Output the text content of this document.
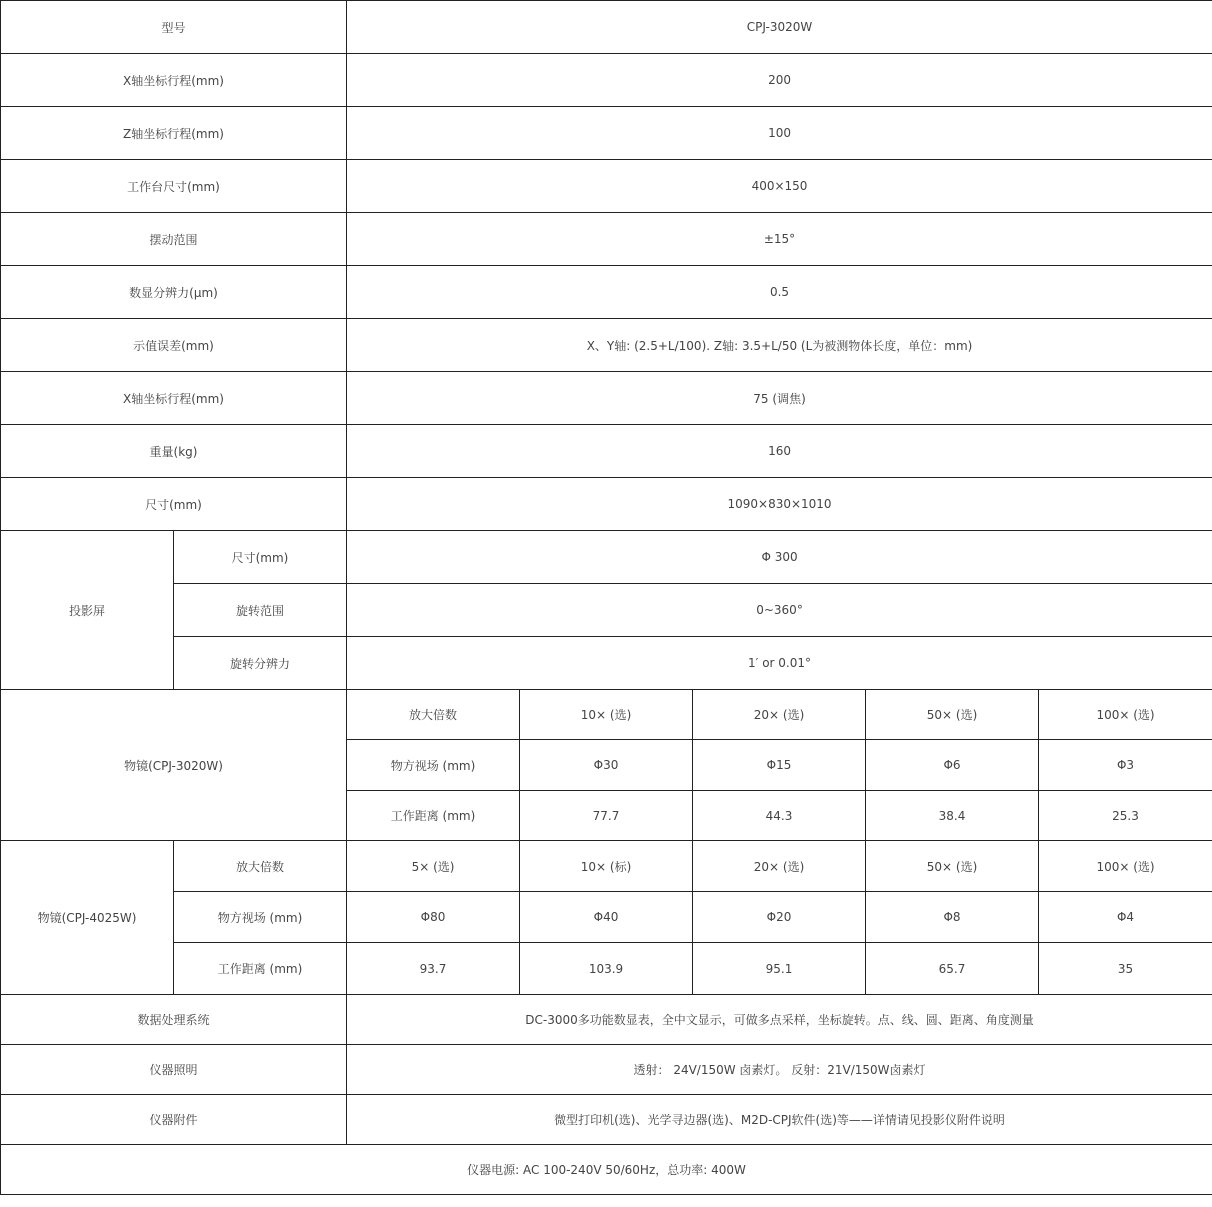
型号		CPJ-3020W				
X轴坐标行程(mm)		200				
Z轴坐标行程(mm)		100				
工作台尺寸(mm)		400×150				
摆动范围		±15°				
数显分辨力(μm)		0.5				
示值误差(mm)		X、Y轴: (2.5+L/100). Z轴: 3.5+L/50 (L为被测物体长度，单位：mm)				
X轴坐标行程(mm)		75 (调焦)				
重量(kg)		160				
尺寸(mm)		1090×830×1010				
投影屏	尺寸(mm)	Φ 300				
	旋转范围	0~360°				
	旋转分辨力	1′ or 0.01°				
物镜(CPJ-3020W)		放大倍数	10× (选)	20× (选)	50× (选)	100× (选)
		物方视场 (mm)	Φ30	Φ15	Φ6	Φ3
		工作距离 (mm)	77.7	44.3	38.4	25.3
物镜(CPJ-4025W)	放大倍数	5× (选)	10× (标)	20× (选)	50× (选)	100× (选)
	物方视场 (mm)	Φ80	Φ40	Φ20	Φ8	Φ4
	工作距离 (mm)	93.7	103.9	95.1	65.7	35
数据处理系统		DC-3000多功能数显表，全中文显示，可做多点采样，坐标旋转。点、线、圆、距离、角度测量				
仪器照明		透射： 24V/150W 卤素灯。 反射：21V/150W卤素灯				
仪器附件		微型打印机(选)、光学寻边器(选)、M2D-CPJ软件(选)等——详情请见投影仪附件说明				
仪器电源: AC 100-240V 50/60Hz，总功率: 400W						
